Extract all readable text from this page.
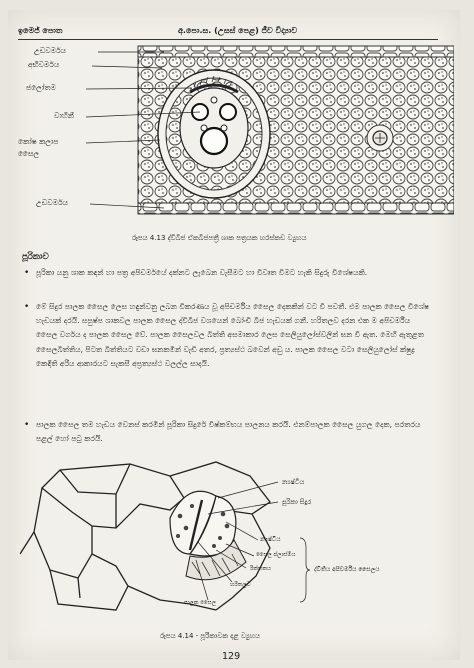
ඉමෙජ් පොත	අ.පො.ස. (උසස් පෙළ) ජීව විද්‍යාව
උඩවර්මය
අභිවර්මය
ජලෝතම
වාහිනී
කෝෂ කලාප සෛල
උඩවර්මය
රූපය 4.13 ද්විබීජ ඒකබීජපත්‍රී ශාක පත්‍රයක හරස්කඩ ව්‍යුහය
පූරිකාව
• පූරිකා යනු ශාක කඳන් හා පත්‍ර අපිචර්මයේ දක්නට ලැබෙන වැසීමට හා විවෘත වීමට හැකි සිදුරු විශේෂයකි.
• මේ සිදුර පාලක සෛල ලෙස හඳුන්වනු ලබන විකරණය වූ අපිචර්මීය සෛල දෙකකින් වට වී පවතී. එම පාලක සෛල විශේෂ හැඩයක් දරයි. සපුෂ්ප ශාකවල පාලක සෛල ද්විබීජ වශයෙන් බෝංචි බීජ හැඩයක් ගනී. හරිතලව දරන එක ම අපිචර්මීය සෛල වර්ගය ද පාලක සෛල වේ. පාලක සෛලවල බිත්ති අසමාකාර ලෙස සෙලියුලෝස්වලින් ඝන වී ඇත. මෙහි ඇතුළත සෛලබිත්තිය, පිටත බිත්තියට වඩා ඝනකමින් වැඩි අතර, ප්‍රත්‍යස්ථ බවෙන් අඩු ය. පාලක සෛල වටා සෙලියුලෝස් ක්ෂුද්‍ර කෙඳිති අරීය ආකාරයට සැකසී අප්‍රත්‍යස්ථ වලල්ල සාදයි.
• පාලක සෛල තම හැඩය වෙනස් කරමින් පූරිකා සිදුරේ විෂ්කම්භය පාලනය කරයි. එනම්පාලක සෛල යුගල දෙක, පරතරය පළල් හෝ පටු කරයි.
න්‍යෂ්ටිය
පූරිකා සිදුර
න්‍යෂ්ටිය
සෛල ප්ලාස්මීය
රික්තකය
හරිතලව
පාලක සෛල
ද්විතීය අපිචර්මීය සෛලය
රූපය 4.14 - පූරිකාවක දළ ව්‍යුහය
129
